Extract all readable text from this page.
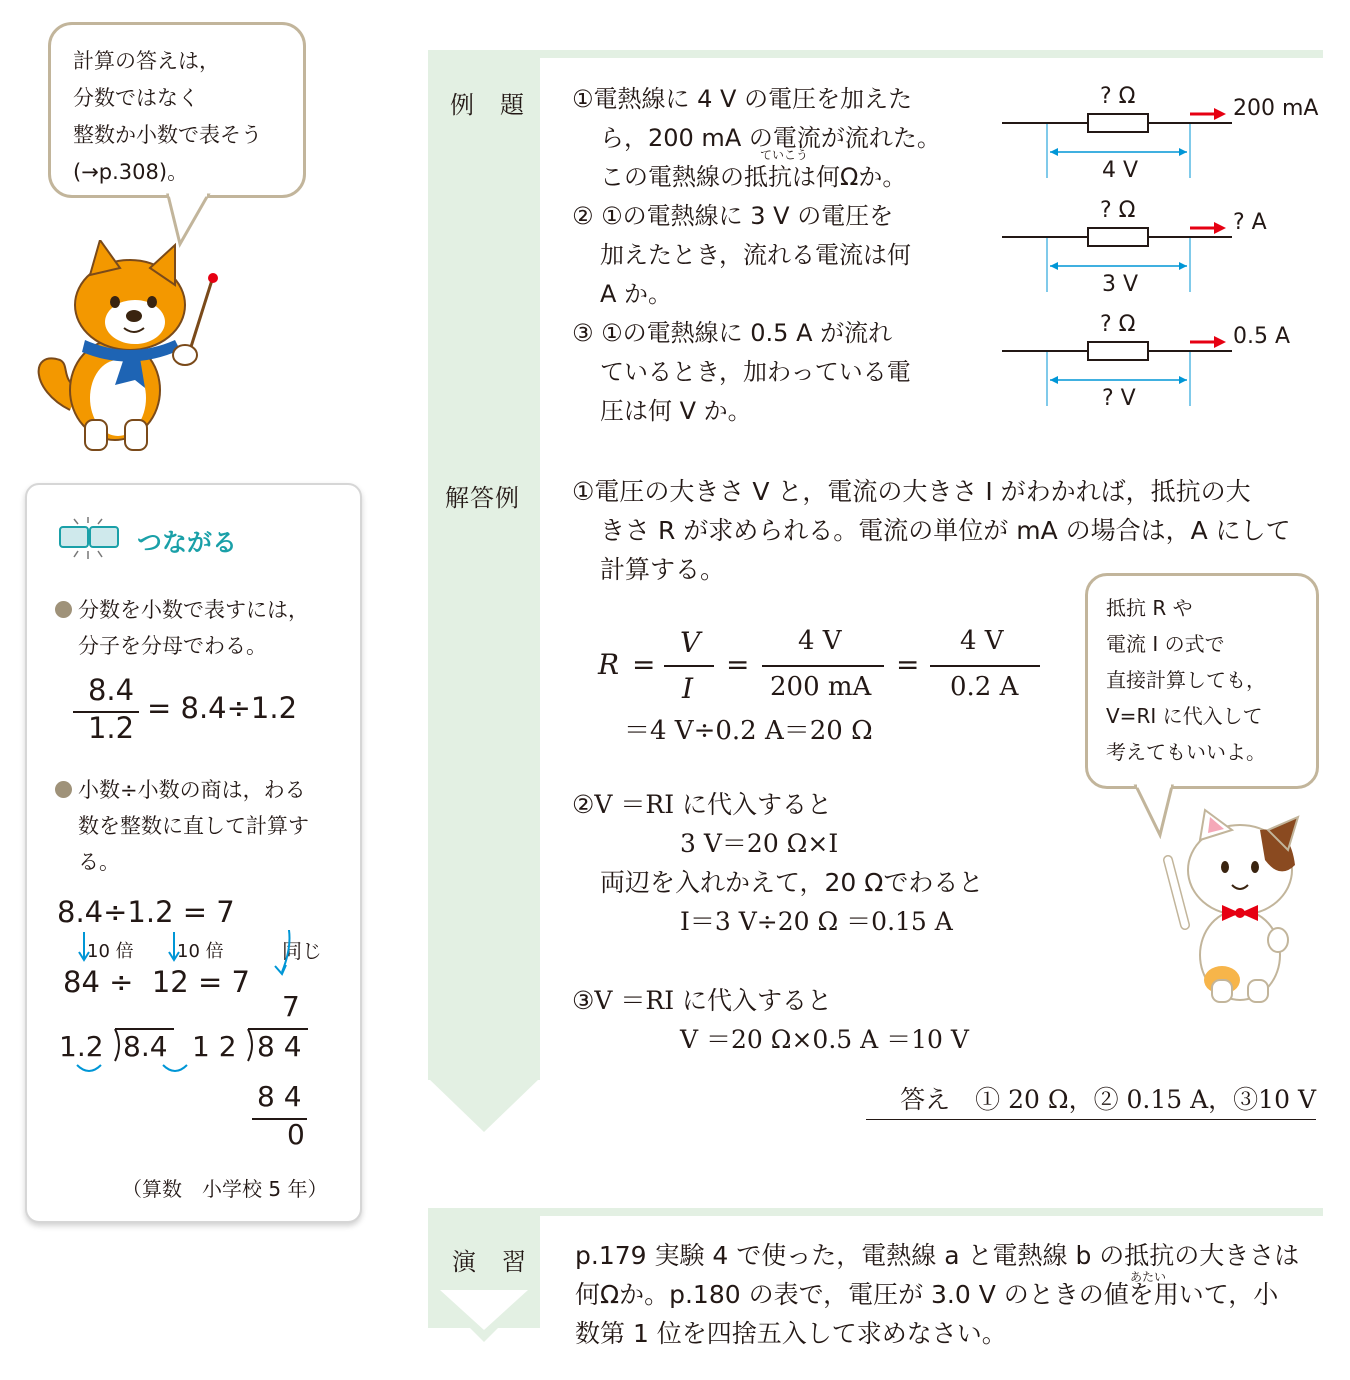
計算の答えは，
分数ではなく
整数か小数で表そう
(→p.308)。
つながる
分数を小数で表すには，
分子を分母でわる。
8.4
1.2
= 8.4÷1.2
小数÷小数の商は，わる
数を整数に直して計算す
る。
8.4÷1.2 = 7
10 倍 10 倍	同じ
84 ÷  12 = 7
1.2 8.4
7
1 2 8 4
8 4
0
（算数　小学校 5 年）
例　題 ①電熱線に 4 V の電圧を加えた
ら，200 mA の電流が流れた。
この電熱線の抵抗は何Ωか。
ていこう
② ①の電熱線に 3 V の電圧を
加えたとき，流れる電流は何
A か。
③ ①の電熱線に 0.5 A が流れ
ているとき，加わっている電
圧は何 V か。
? Ω	200 mA
4 V
? Ω	? A
3 V
? Ω	0.5 A
? V
解答例 ①電圧の大きさ V と，電流の大きさ I がわかれば，抵抗の大
きさ R が求められる。電流の単位が mA の場合は，A にして
計算する。
R =
V
I
=
4 V
200 mA
=
4 V
0.2 A
＝4 V÷0.2 A＝20 Ω
②V ＝RI に代入すると
3 V＝20 Ω×I
両辺を入れかえて，20 Ωでわると
I＝3 V÷20 Ω ＝0.15 A
③V ＝RI に代入すると
V ＝20 Ω×0.5 A ＝10 V
答え　① 20 Ω，② 0.15 A，③10 V
抵抗 R や
電流 I の式で
直接計算しても，
V=RI に代入して
考えてもいいよ。
演　習 p.179 実験 4 で使った，電熱線 a と電熱線 b の抵抗の大きさは
何Ωか。p.180 の表で，電圧が 3.0 V のときの値を用いて，小
数第 1 位を四捨五入して求めなさい。
あたい
